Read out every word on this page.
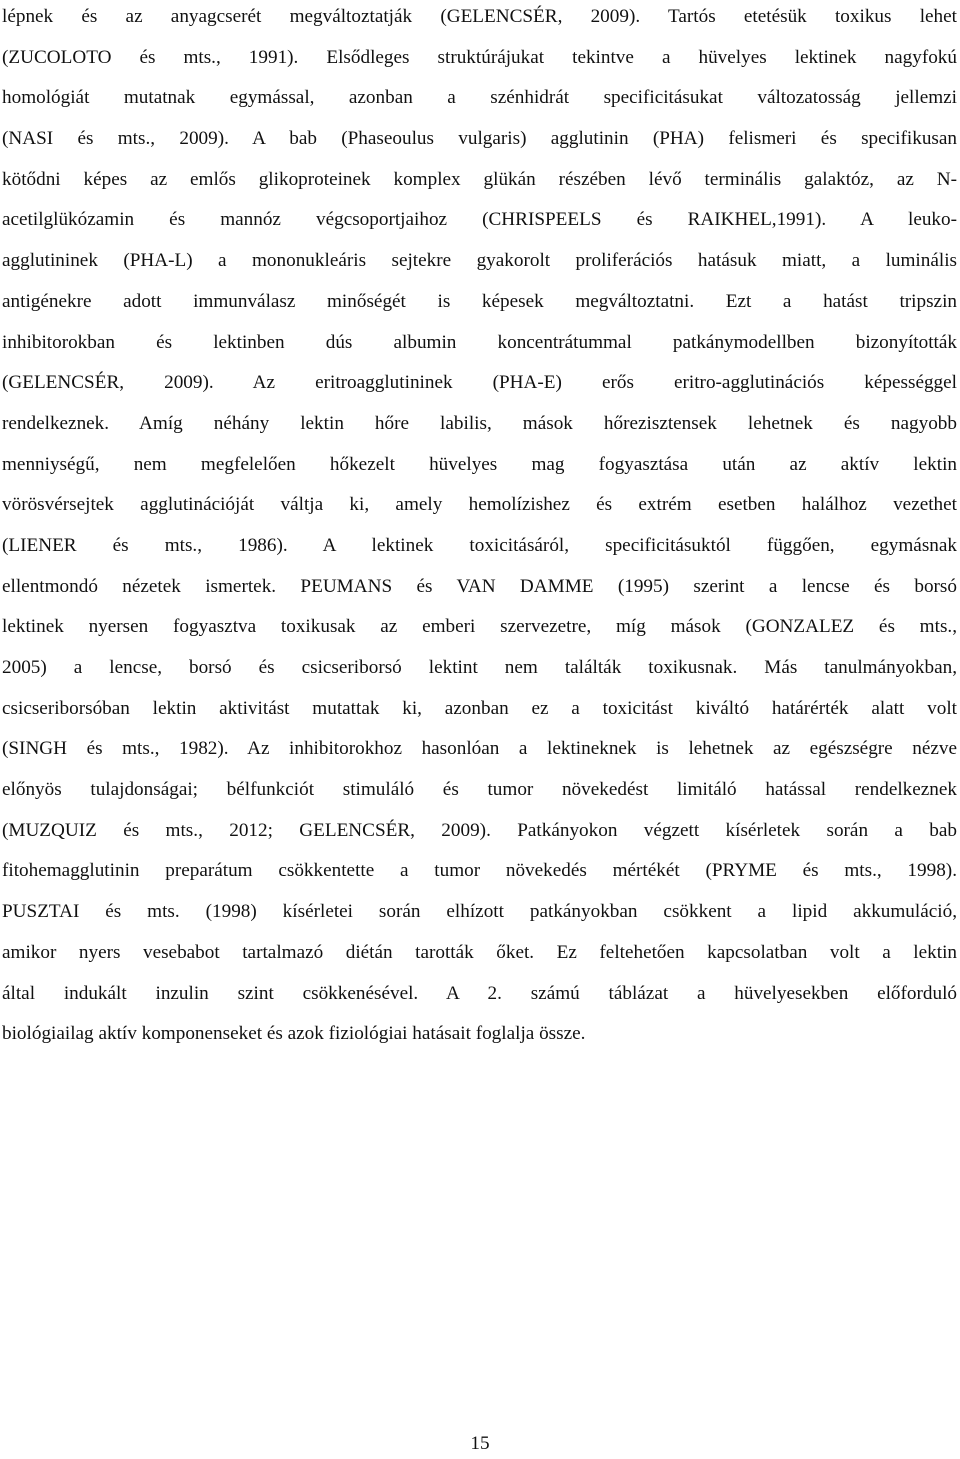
lépnek és az anyagcserét megváltoztatják (GELENCSÉR, 2009). Tartós etetésük toxikus lehet
(ZUCOLOTO és mts., 1991). Elsődleges struktúrájukat tekintve a hüvelyes lektinek nagyfokú
homológiát mutatnak egymással, azonban a szénhidrát specificitásukat változatosság jellemzi
(NASI és mts., 2009). A bab (Phaseoulus vulgaris) agglutinin (PHA) felismeri és specifikusan
kötődni képes az emlős glikoproteinek komplex glükán részében lévő terminális galaktóz, az N-
acetilglükózamin és mannóz végcsoportjaihoz (CHRISPEELS és RAIKHEL,1991). A leuko-
agglutininek (PHA-L) a mononukleáris sejtekre gyakorolt proliferációs hatásuk miatt, a luminális
antigénekre adott immunválasz minőségét is képesek megváltoztatni. Ezt a hatást tripszin
inhibitorokban és lektinben dús albumin koncentrátummal patkánymodellben bizonyították
(GELENCSÉR, 2009). Az eritroagglutininek (PHA-E) erős eritro-agglutinációs képességgel
rendelkeznek. Amíg néhány lektin hőre labilis, mások hőrezisztensek lehetnek és nagyobb
menniységű, nem megfelelően hőkezelt hüvelyes mag fogyasztása után az aktív lektin
vörösvérsejtek agglutinációját váltja ki, amely hemolízishez és extrém esetben halálhoz vezethet
(LIENER és mts., 1986). A lektinek toxicitásáról, specificitásuktól függően, egymásnak
ellentmondó nézetek ismertek. PEUMANS és VAN DAMME (1995) szerint a lencse és borsó
lektinek nyersen fogyasztva toxikusak az emberi szervezetre, míg mások (GONZALEZ és mts.,
2005) a lencse, borsó és csicseriborsó lektint nem találták toxikusnak. Más tanulmányokban,
csicseriborsóban lektin aktivitást mutattak ki, azonban ez a toxicitást kiváltó határérték alatt volt
(SINGH és mts., 1982). Az inhibitorokhoz hasonlóan a lektineknek is lehetnek az egészségre nézve
előnyös tulajdonságai; bélfunkciót stimuláló és tumor növekedést limitáló hatással rendelkeznek
(MUZQUIZ és mts., 2012; GELENCSÉR, 2009). Patkányokon végzett kísérletek során a bab
fitohemagglutinin preparátum csökkentette a tumor növekedés mértékét (PRYME és mts., 1998).
PUSZTAI és mts. (1998) kísérletei során elhízott patkányokban csökkent a lipid akkumuláció,
amikor nyers vesebabot tartalmazó diétán tarották őket. Ez feltehetően kapcsolatban volt a lektin
által indukált inzulin szint csökkenésével. A 2. számú táblázat a hüvelyesekben előforduló
biológiailag aktív komponenseket és azok fiziológiai hatásait foglalja össze.
15
